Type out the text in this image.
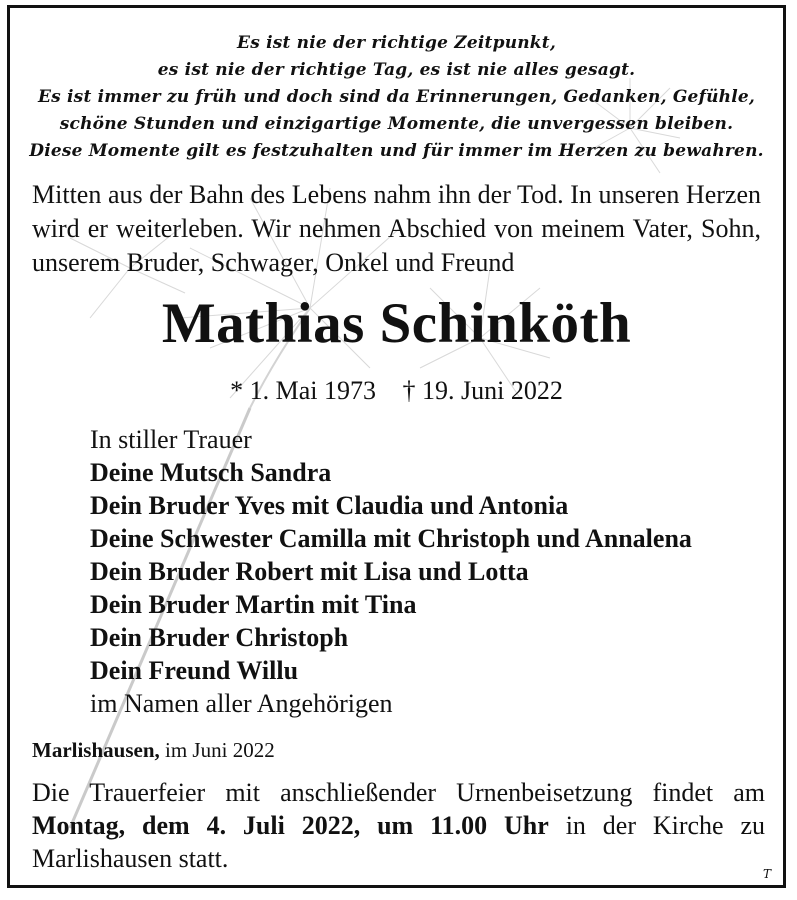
Es ist nie der richtige Zeitpunkt,
es ist nie der richtige Tag, es ist nie alles gesagt.
Es ist immer zu früh und doch sind da Erinnerungen, Gedanken, Gefühle,
schöne Stunden und einzigartige Momente, die unvergessen bleiben.
Diese Momente gilt es festzuhalten und für immer im Herzen zu bewahren.
Mitten aus der Bahn des Lebens nahm ihn der Tod. In unseren Herzen wird er weiterleben. Wir nehmen Abschied von meinem Vater, Sohn, unserem Bruder, Schwager, Onkel und Freund
Mathias Schinköth
* 1. Mai 1973 † 19. Juni 2022
In stiller Trauer
Deine Mutsch Sandra
Dein Bruder Yves mit Claudia und Antonia
Deine Schwester Camilla mit Christoph und Annalena
Dein Bruder Robert mit Lisa und Lotta
Dein Bruder Martin mit Tina
Dein Bruder Christoph
Dein Freund Willu
im Namen aller Angehörigen
Marlishausen, im Juni 2022
Die Trauerfeier mit anschließender Urnenbeisetzung findet am Montag, dem 4. Juli 2022, um 11.00 Uhr in der Kirche zu Marlishausen statt.
T
